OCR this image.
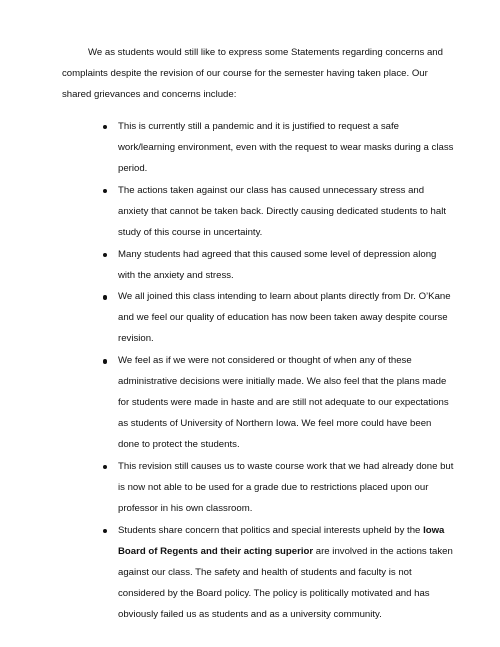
We as students would still like to express some Statements regarding concerns and complaints despite the revision of our course for the semester having taken place. Our shared grievances and concerns include:

This is currently still a pandemic and it is justified to request a safe work/learning environment, even with the request to wear masks during a class period.
The actions taken against our class has caused unnecessary stress and anxiety that cannot be taken back. Directly causing dedicated students to halt study of this course in uncertainty.
Many students had agreed that this caused some level of depression along with the anxiety and stress.
We all joined this class intending to learn about plants directly from Dr. O’Kane and we feel our quality of education has now been taken away despite course revision.
We feel as if we were not considered or thought of when any of these administrative decisions were initially made. We also feel that the plans made for students were made in haste and are still not adequate to our expectations as students of University of Northern Iowa. We feel more could have been done to protect the students.
This revision still causes us to waste course work that we had already done but is now not able to be used for a grade due to restrictions placed upon our professor in his own classroom.
Students share concern that politics and special interests upheld by the Iowa Board of Regents and their acting superior are involved in the actions taken against our class. The safety and health of students and faculty is not considered by the Board policy. The policy is politically motivated and has obviously failed us as students and as a university community.
